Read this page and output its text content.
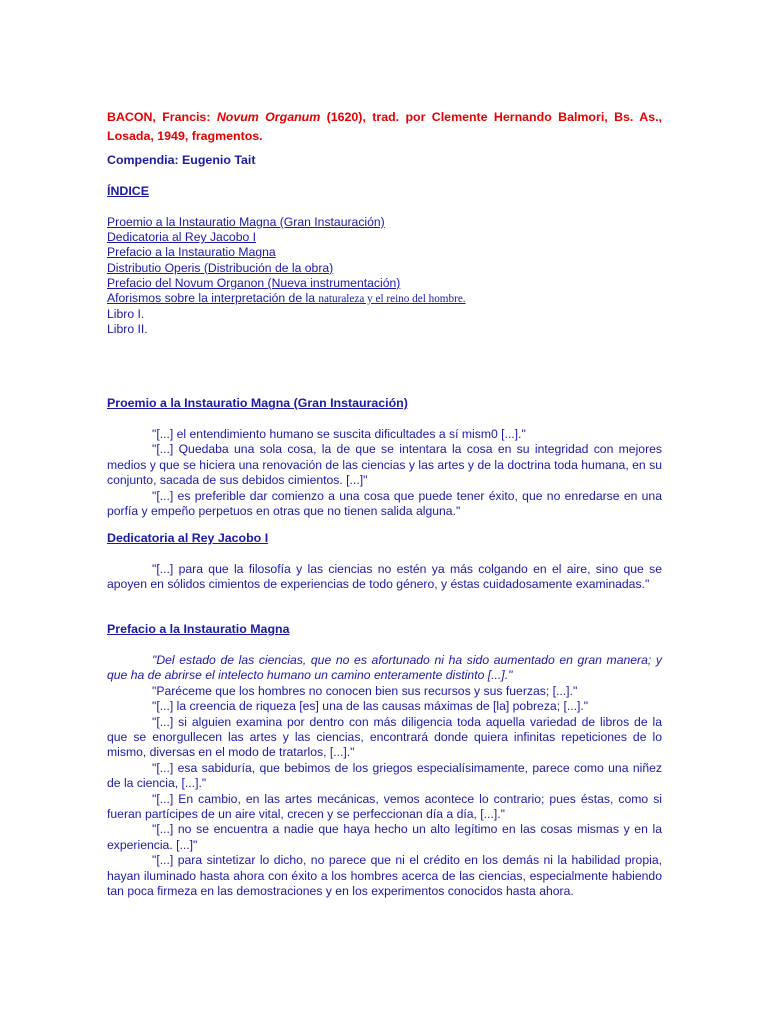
BACON, Francis: Novum Organum (1620), trad. por Clemente Hernando Balmori, Bs. As., Losada, 1949, fragmentos.
Compendia: Eugenio Tait
ÍNDICE
Proemio a la Instauratio Magna (Gran Instauración)
Dedicatoria al Rey Jacobo I
Prefacio a la Instauratio Magna
Distributio Operis (Distribución de la obra)
Prefacio del Novum Organon (Nueva instrumentación)
Aforismos sobre la interpretación de la naturaleza y el reino del hombre.
Libro I.
Libro II.
Proemio a la Instauratio Magna (Gran Instauración)

"[...] el entendimiento humano se suscita dificultades a sí mism0 [...]."

"[...] Quedaba una sola cosa, la de que se intentara la cosa en su integridad con mejores medios y que se hiciera una renovación de las ciencias y las artes y de la doctrina toda humana, en su conjunto, sacada de sus debidos cimientos. [...]"

"[...] es preferible dar comienzo a una cosa que puede tener éxito, que no enredarse en una porfía y empeño perpetuos en otras que no tienen salida alguna."

Dedicatoria al Rey Jacobo I

"[...] para que la filosofía y las ciencias no estén ya más colgando en el aire, sino que se apoyen en sólidos cimientos de experiencias de todo género, y éstas cuidadosamente examinadas."

Prefacio a la Instauratio Magna

"Del estado de las ciencias, que no es afortunado ni ha sido aumentado en gran manera; y que ha de abrirse el intelecto humano un camino enteramente distinto [...]."

"Paréceme que los hombres no conocen bien sus recursos y sus fuerzas; [...]."

"[...] la creencia de riqueza [es] una de las causas máximas de [la] pobreza; [...]."

"[...] si alguien examina por dentro con más diligencia toda aquella variedad de libros de la que se enorgullecen las artes y las ciencias, encontrará donde quiera infinitas repeticiones de lo mismo, diversas en el modo de tratarlos, [...]."

"[...] esa sabiduría, que bebimos de los griegos especialísimamente, parece como una niñez de la ciencia, [...]."

"[...] En cambio, en las artes mecánicas, vemos acontece lo contrario; pues éstas, como si fueran partícipes de un aire vital, crecen y se perfeccionan día a día, [...]."

"[...] no se encuentra a nadie que haya hecho un alto legítimo en las cosas mismas y en la experiencia. [...]"

"[...] para sintetizar lo dicho, no parece que ni el crédito en los demás ni la habilidad propia, hayan iluminado hasta ahora con éxito a los hombres acerca de las ciencias, especialmente habiendo tan poca firmeza en las demostraciones y en los experimentos conocidos hasta ahora.
